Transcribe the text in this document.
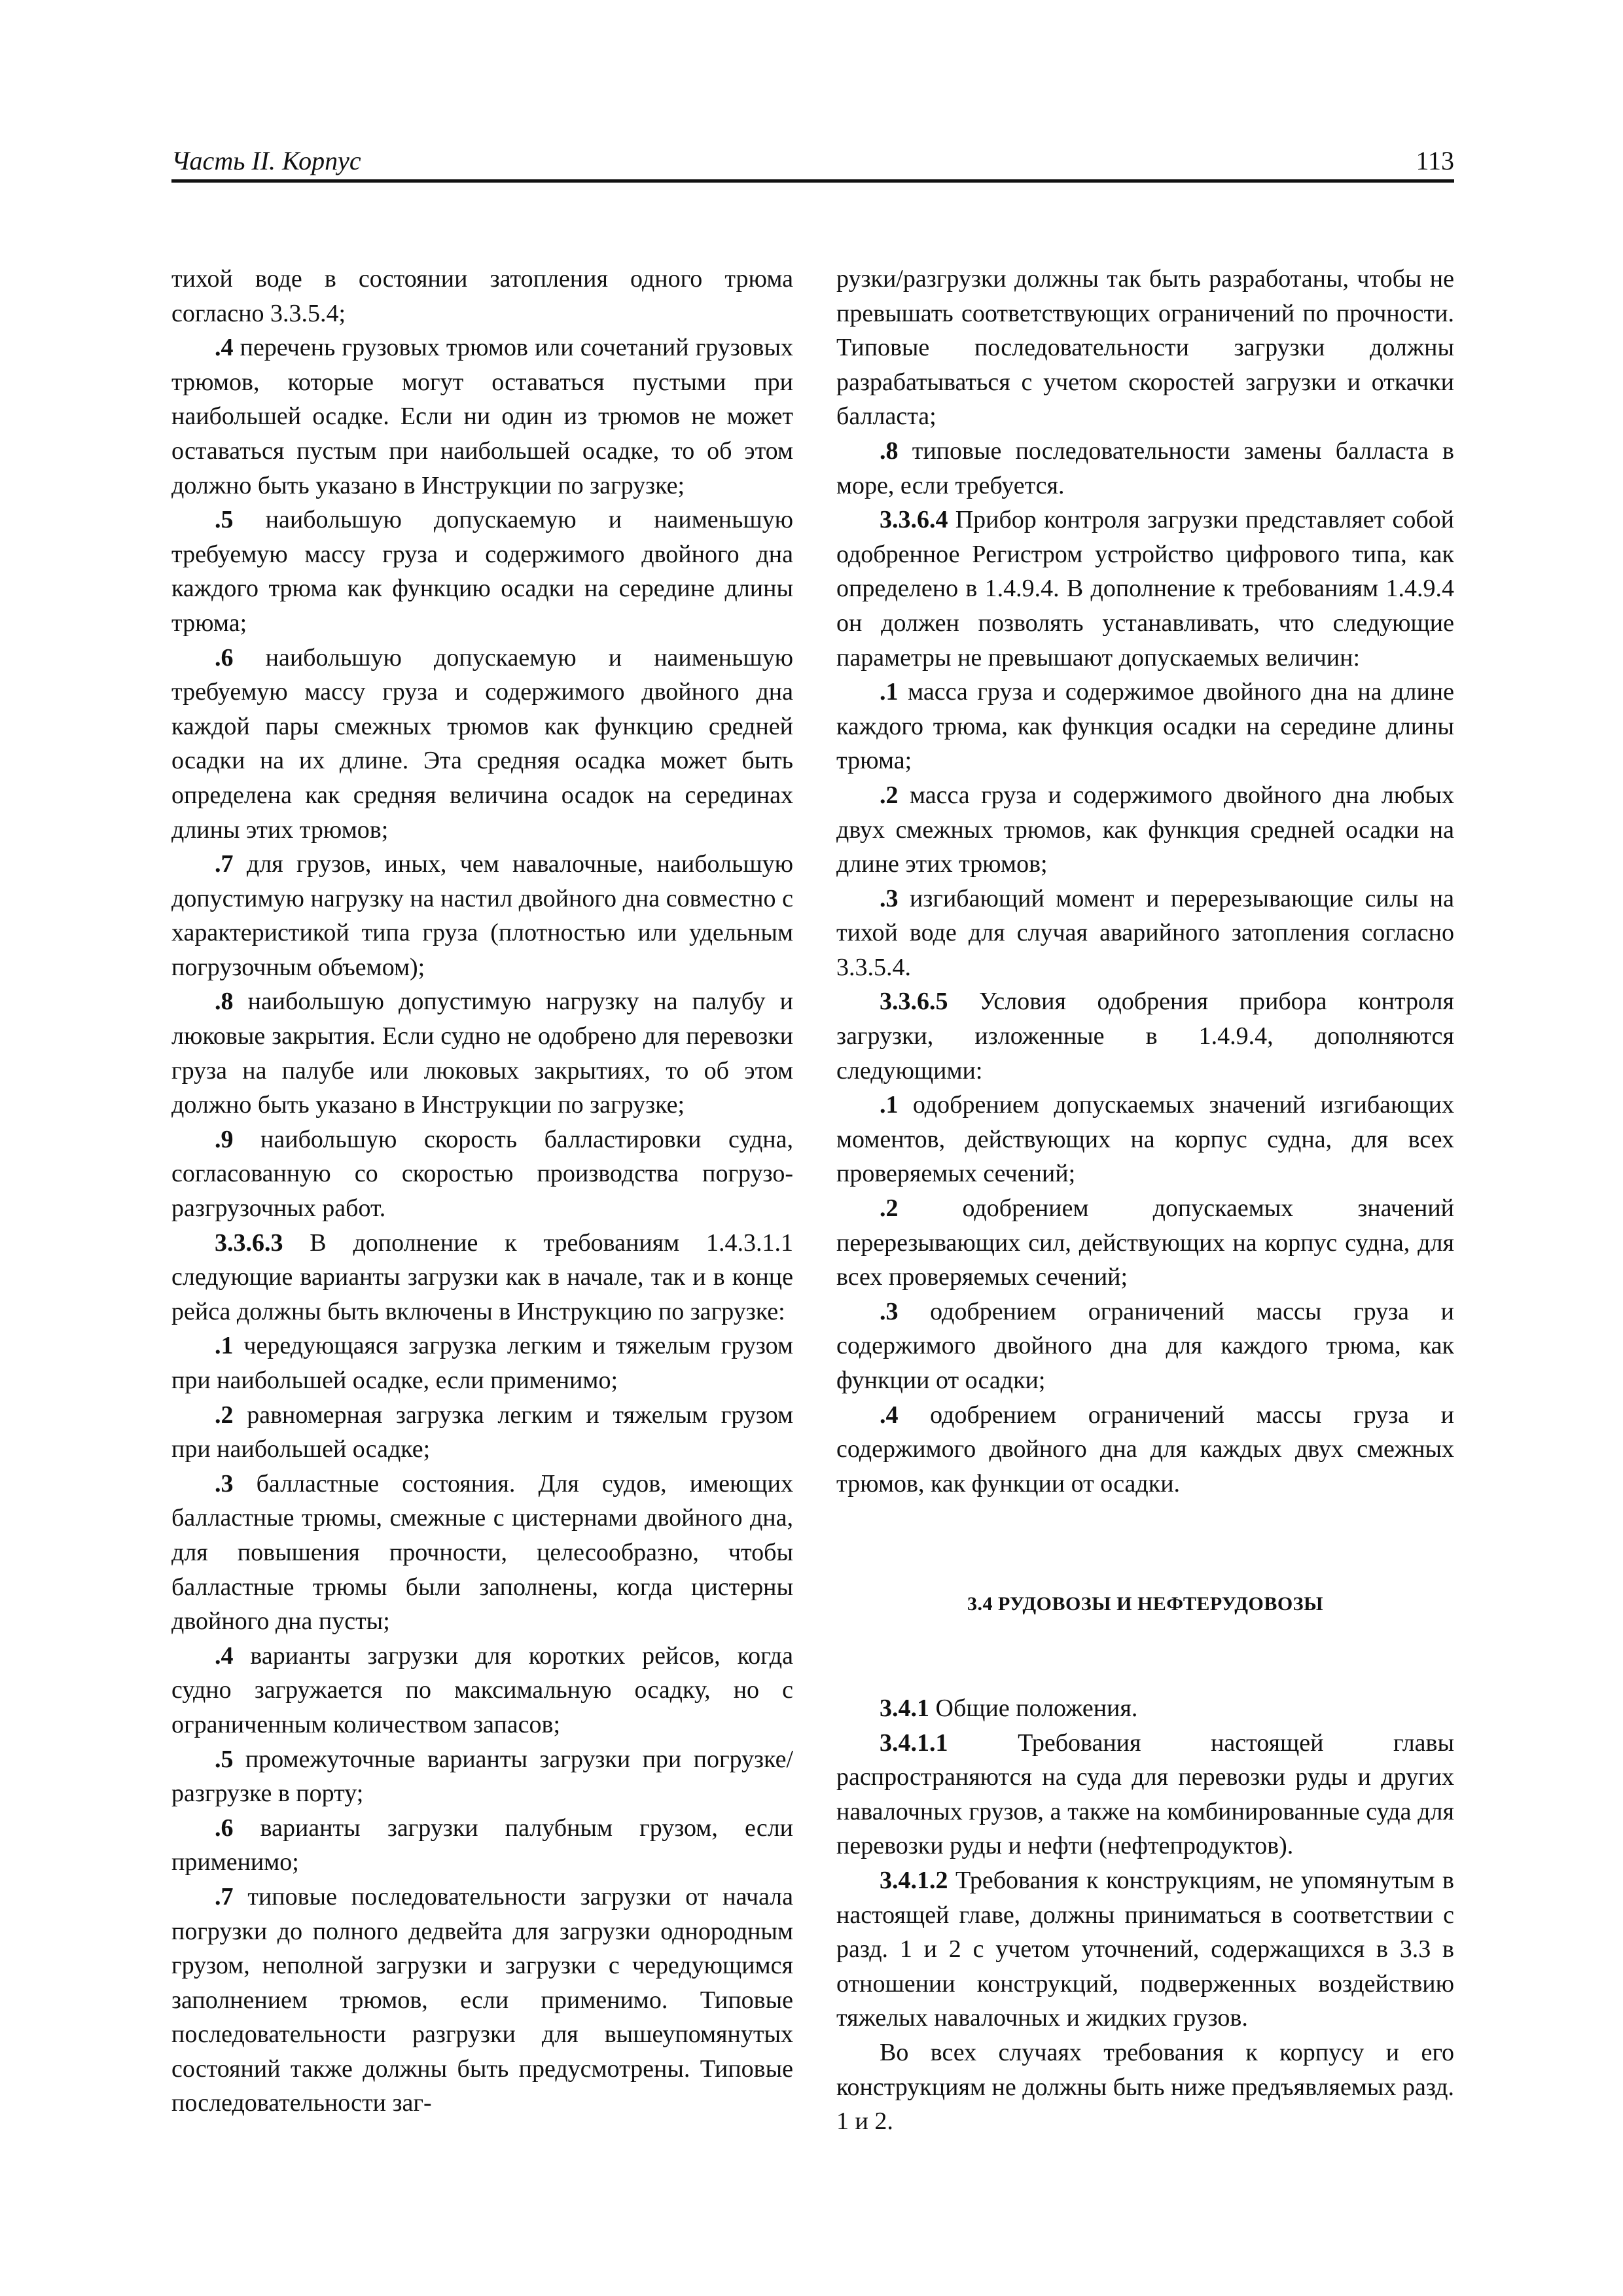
Часть II. Корпус	113

тихой воде в состоянии затопления одного трюма согласно 3.3.5.4;

.4 перечень грузовых трюмов или сочетаний грузовых трюмов, которые могут оставаться пустыми при наибольшей осадке. Если ни один из трюмов не может оставаться пустым при наибольшей осадке, то об этом должно быть указано в Инструкции по загрузке;

.5 наибольшую допускаемую и наименьшую требуемую массу груза и содержимого двойного дна каждого трюма как функцию осадки на середине длины трюма;

.6 наибольшую допускаемую и наименьшую требуемую массу груза и содержимого двойного дна каждой пары смежных трюмов как функцию средней осадки на их длине. Эта средняя осадка может быть определена как средняя величина осадок на серединах длины этих трюмов;

.7 для грузов, иных, чем навалочные, наибольшую допустимую нагрузку на настил двойного дна совместно с характеристикой типа груза (плотностью или удельным погрузочным объемом);

.8 наибольшую допустимую нагрузку на палубу и люковые закрытия. Если судно не одобрено для перевозки груза на палубе или люковых закрытиях, то об этом должно быть указано в Инструкции по загрузке;

.9 наибольшую скорость балластировки судна, согласованную со скоростью производства погрузо-разгрузочных работ.

3.3.6.3 В дополнение к требованиям 1.4.3.1.1 следующие варианты загрузки как в начале, так и в конце рейса должны быть включены в Инструкцию по загрузке:

.1 чередующаяся загрузка легким и тяжелым грузом при наибольшей осадке, если применимо;

.2 равномерная загрузка легким и тяжелым грузом при наибольшей осадке;

.3 балластные состояния. Для судов, имеющих балластные трюмы, смежные с цистернами двойного дна, для повышения прочности, целесообразно, чтобы балластные трюмы были заполнены, когда цистерны двойного дна пусты;

.4 варианты загрузки для коротких рейсов, когда судно загружается по максимальную осадку, но с ограниченным количеством запасов;

.5 промежуточные варианты загрузки при погрузке/разгрузке в порту;

.6 варианты загрузки палубным грузом, если применимо;

.7 типовые последовательности загрузки от начала погрузки до полного дедвейта для загрузки однородным грузом, неполной загрузки и загрузки с чередующимся заполнением трюмов, если применимо. Типовые последовательности разгрузки для вышеупомянутых состояний также должны быть предусмотрены. Типовые последовательности заг-

рузки/разгрузки должны так быть разработаны, чтобы не превышать соответствующих ограничений по прочности. Типовые последовательности загрузки должны разрабатываться с учетом скоростей загрузки и откачки балласта;

.8 типовые последовательности замены балласта в море, если требуется.

3.3.6.4 Прибор контроля загрузки представляет собой одобренное Регистром устройство цифрового типа, как определено в 1.4.9.4. В дополнение к требованиям 1.4.9.4 он должен позволять устанавливать, что следующие параметры не превышают допускаемых величин:

.1 масса груза и содержимое двойного дна на длине каждого трюма, как функция осадки на середине длины трюма;

.2 масса груза и содержимого двойного дна любых двух смежных трюмов, как функция средней осадки на длине этих трюмов;

.3 изгибающий момент и перерезывающие силы на тихой воде для случая аварийного затопления согласно 3.3.5.4.

3.3.6.5 Условия одобрения прибора контроля загрузки, изложенные в 1.4.9.4, дополняются следующими:

.1 одобрением допускаемых значений изгибающих моментов, действующих на корпус судна, для всех проверяемых сечений;

.2 одобрением допускаемых значений перерезывающих сил, действующих на корпус судна, для всех проверяемых сечений;

.3 одобрением ограничений массы груза и содержимого двойного дна для каждого трюма, как функции от осадки;

.4 одобрением ограничений массы груза и содержимого двойного дна для каждых двух смежных трюмов, как функции от осадки.

3.4 РУДОВОЗЫ И НЕФТЕРУДОВОЗЫ

3.4.1 Общие положения.

3.4.1.1 Требования настоящей главы распространяются на суда для перевозки руды и других навалочных грузов, а также на комбинированные суда для перевозки руды и нефти (нефтепродуктов).

3.4.1.2 Требования к конструкциям, не упомянутым в настоящей главе, должны приниматься в соответствии с разд. 1 и 2 с учетом уточнений, содержащихся в 3.3 в отношении конструкций, подверженных воздействию тяжелых навалочных и жидких грузов.

Во всех случаях требования к корпусу и его конструкциям не должны быть ниже предъявляемых разд. 1 и 2.
